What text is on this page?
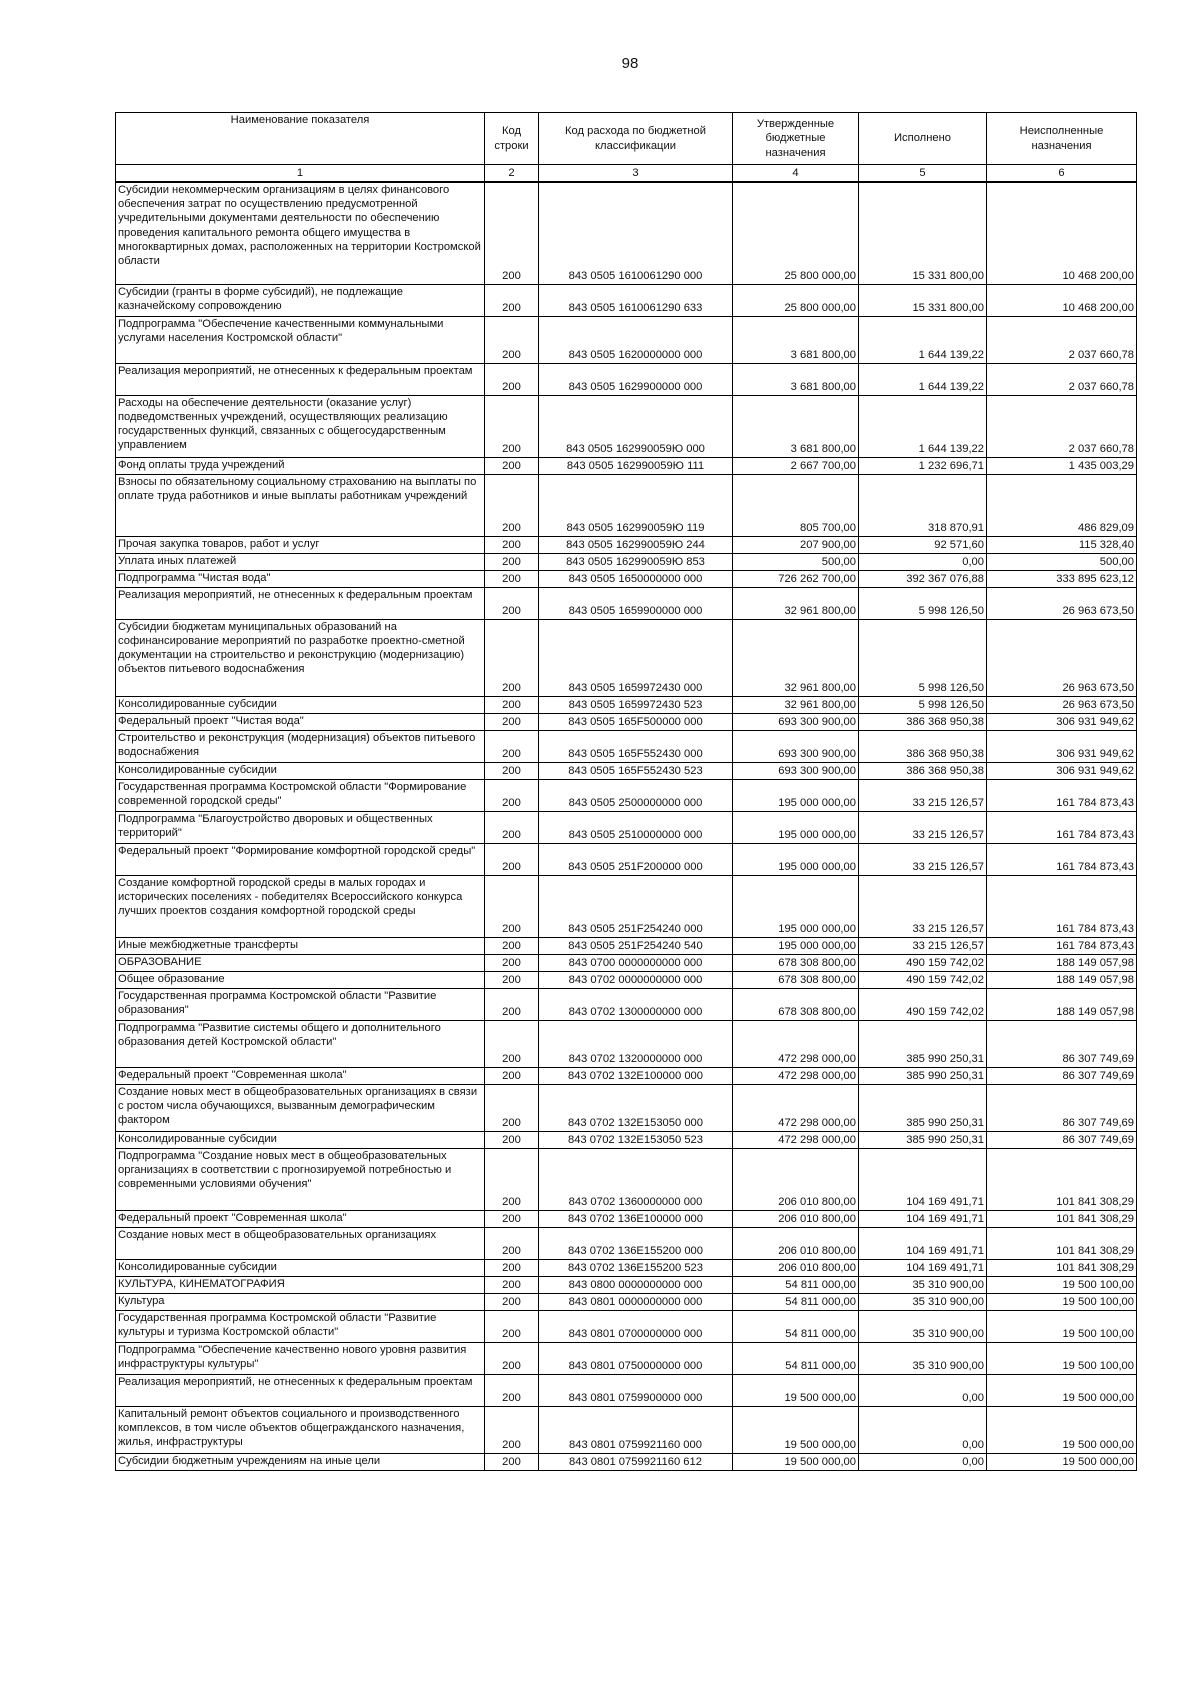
98
Наименование показателя	Код строки	Код расхода по бюджетной классификации	Утвержденные бюджетные назначения	Исполнено	Неисполненные назначения
1	2	3	4	5	6
Субсидии некоммерческим организациям в целях финансового обеспечения затрат по осуществлению предусмотренной учредительными документами деятельности по обеспечению проведения капитального ремонта общего имущества в многоквартирных домах, расположенных на территории Костромской области	200	843 0505 1610061290 000	25 800 000,00	15 331 800,00	10 468 200,00
Субсидии (гранты в форме субсидий), не подлежащие казначейскому сопровождению	200	843 0505 1610061290 633	25 800 000,00	15 331 800,00	10 468 200,00
Подпрограмма "Обеспечение качественными коммунальными услугами населения Костромской области"	200	843 0505 1620000000 000	3 681 800,00	1 644 139,22	2 037 660,78
Реализация мероприятий, не отнесенных к федеральным проектам	200	843 0505 1629900000 000	3 681 800,00	1 644 139,22	2 037 660,78
Расходы на обеспечение деятельности (оказание услуг) подведомственных учреждений, осуществляющих реализацию государственных функций, связанных с общегосударственным управлением	200	843 0505 162990059Ю 000	3 681 800,00	1 644 139,22	2 037 660,78
Фонд оплаты труда учреждений	200	843 0505 162990059Ю 111	2 667 700,00	1 232 696,71	1 435 003,29
Взносы по обязательному социальному страхованию на выплаты по оплате труда работников и иные выплаты работникам учреждений	200	843 0505 162990059Ю 119	805 700,00	318 870,91	486 829,09
Прочая закупка товаров, работ и услуг	200	843 0505 162990059Ю 244	207 900,00	92 571,60	115 328,40
Уплата иных платежей	200	843 0505 162990059Ю 853	500,00	0,00	500,00
Подпрограмма "Чистая вода"	200	843 0505 1650000000 000	726 262 700,00	392 367 076,88	333 895 623,12
Реализация мероприятий, не отнесенных к федеральным проектам	200	843 0505 1659900000 000	32 961 800,00	5 998 126,50	26 963 673,50
Субсидии бюджетам муниципальных образований на софинансирование мероприятий по разработке проектно-сметной документации на строительство и реконструкцию (модернизацию) объектов питьевого водоснабжения	200	843 0505 1659972430 000	32 961 800,00	5 998 126,50	26 963 673,50
Консолидированные субсидии	200	843 0505 1659972430 523	32 961 800,00	5 998 126,50	26 963 673,50
Федеральный проект "Чистая вода"	200	843 0505 165F500000 000	693 300 900,00	386 368 950,38	306 931 949,62
Строительство и реконструкция (модернизация) объектов питьевого водоснабжения	200	843 0505 165F552430 000	693 300 900,00	386 368 950,38	306 931 949,62
Консолидированные субсидии	200	843 0505 165F552430 523	693 300 900,00	386 368 950,38	306 931 949,62
Государственная программа Костромской области "Формирование современной городской среды"	200	843 0505 2500000000 000	195 000 000,00	33 215 126,57	161 784 873,43
Подпрограмма "Благоустройство дворовых и общественных территорий"	200	843 0505 2510000000 000	195 000 000,00	33 215 126,57	161 784 873,43
Федеральный проект "Формирование комфортной городской среды"	200	843 0505 251F200000 000	195 000 000,00	33 215 126,57	161 784 873,43
Создание комфортной городской среды в малых городах и исторических поселениях - победителях Всероссийского конкурса лучших проектов создания комфортной городской среды	200	843 0505 251F254240 000	195 000 000,00	33 215 126,57	161 784 873,43
Иные межбюджетные трансферты	200	843 0505 251F254240 540	195 000 000,00	33 215 126,57	161 784 873,43
ОБРАЗОВАНИЕ	200	843 0700 0000000000 000	678 308 800,00	490 159 742,02	188 149 057,98
Общее образование	200	843 0702 0000000000 000	678 308 800,00	490 159 742,02	188 149 057,98
Государственная программа Костромской области "Развитие образования"	200	843 0702 1300000000 000	678 308 800,00	490 159 742,02	188 149 057,98
Подпрограмма "Развитие системы общего и дополнительного образования детей Костромской области"	200	843 0702 1320000000 000	472 298 000,00	385 990 250,31	86 307 749,69
Федеральный проект "Современная школа"	200	843 0702 132E100000 000	472 298 000,00	385 990 250,31	86 307 749,69
Создание новых мест в общеобразовательных организациях в связи с ростом числа обучающихся, вызванным демографическим фактором	200	843 0702 132E153050 000	472 298 000,00	385 990 250,31	86 307 749,69
Консолидированные субсидии	200	843 0702 132E153050 523	472 298 000,00	385 990 250,31	86 307 749,69
Подпрограмма "Создание новых мест в общеобразовательных организациях в соответствии с прогнозируемой потребностью и современными условиями обучения"	200	843 0702 1360000000 000	206 010 800,00	104 169 491,71	101 841 308,29
Федеральный проект "Современная школа"	200	843 0702 136E100000 000	206 010 800,00	104 169 491,71	101 841 308,29
Создание новых мест в общеобразовательных организациях	200	843 0702 136E155200 000	206 010 800,00	104 169 491,71	101 841 308,29
Консолидированные субсидии	200	843 0702 136E155200 523	206 010 800,00	104 169 491,71	101 841 308,29
КУЛЬТУРА, КИНЕМАТОГРАФИЯ	200	843 0800 0000000000 000	54 811 000,00	35 310 900,00	19 500 100,00
Культура	200	843 0801 0000000000 000	54 811 000,00	35 310 900,00	19 500 100,00
Государственная программа Костромской области "Развитие культуры и туризма Костромской области"	200	843 0801 0700000000 000	54 811 000,00	35 310 900,00	19 500 100,00
Подпрограмма "Обеспечение качественно нового уровня развития инфраструктуры культуры"	200	843 0801 0750000000 000	54 811 000,00	35 310 900,00	19 500 100,00
Реализация мероприятий, не отнесенных к федеральным проектам	200	843 0801 0759900000 000	19 500 000,00	0,00	19 500 000,00
Капитальный ремонт объектов социального и производственного комплексов, в том числе объектов общегражданского назначения, жилья, инфраструктуры	200	843 0801 0759921160 000	19 500 000,00	0,00	19 500 000,00
Субсидии бюджетным учреждениям на иные цели	200	843 0801 0759921160 612	19 500 000,00	0,00	19 500 000,00
